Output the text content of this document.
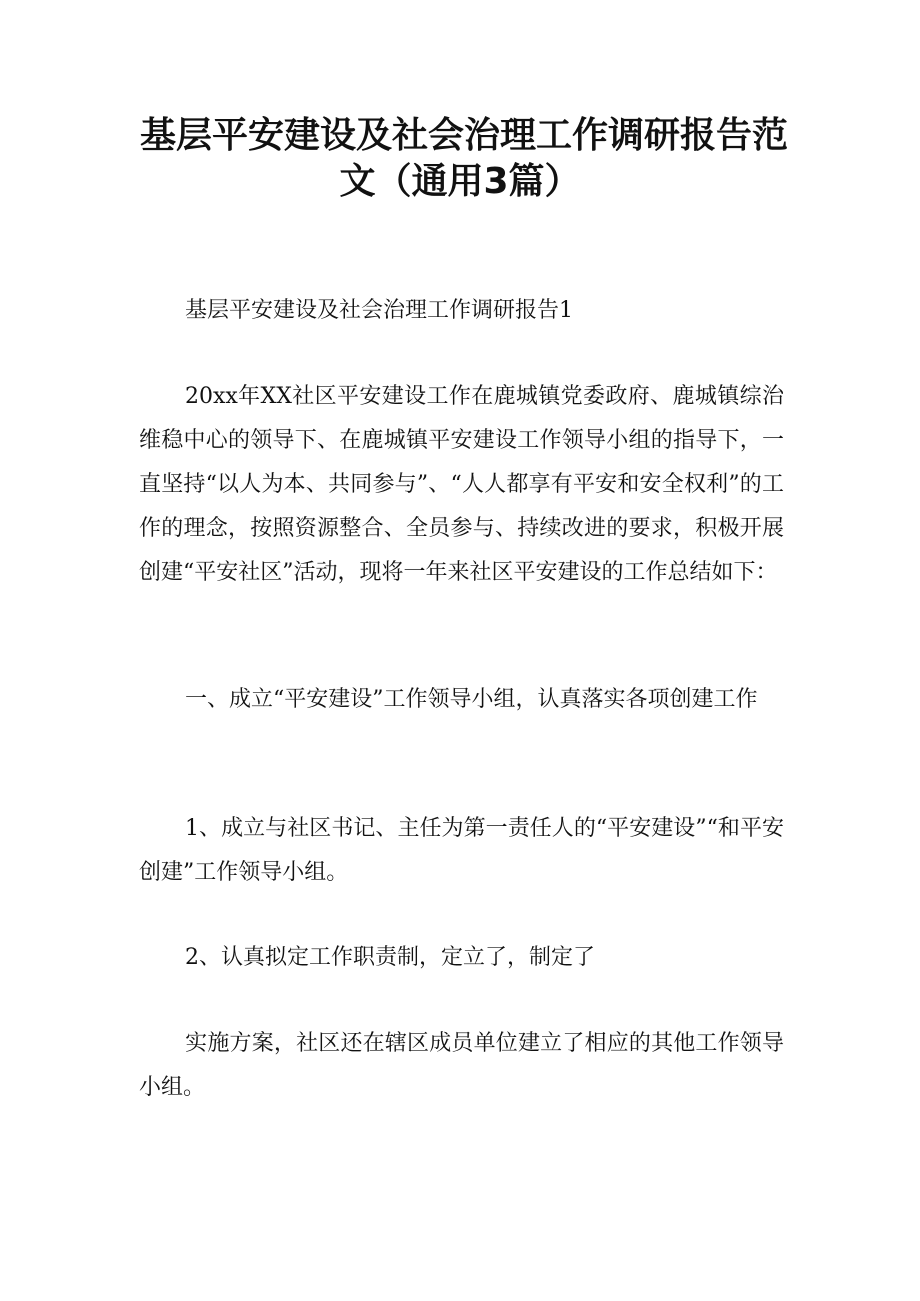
基层平安建设及社会治理工作调研报告范
文（通用3篇）

基层平安建设及社会治理工作调研报告1

20xx年XX社区平安建设工作在鹿城镇党委政府、鹿城镇综治维稳中心的领导下、在鹿城镇平安建设工作领导小组的指导下，一直坚持“以人为本、共同参与”、“人人都享有平安和安全权利”的工作的理念，按照资源整合、全员参与、持续改进的要求，积极开展创建“平安社区”活动，现将一年来社区平安建设的工作总结如下：

一、成立“平安建设”工作领导小组，认真落实各项创建工作

1、成立与社区书记、主任为第一责任人的“平安建设”“和平安创建”工作领导小组。

2、认真拟定工作职责制，定立了，制定了

实施方案，社区还在辖区成员单位建立了相应的其他工作领导小组。
